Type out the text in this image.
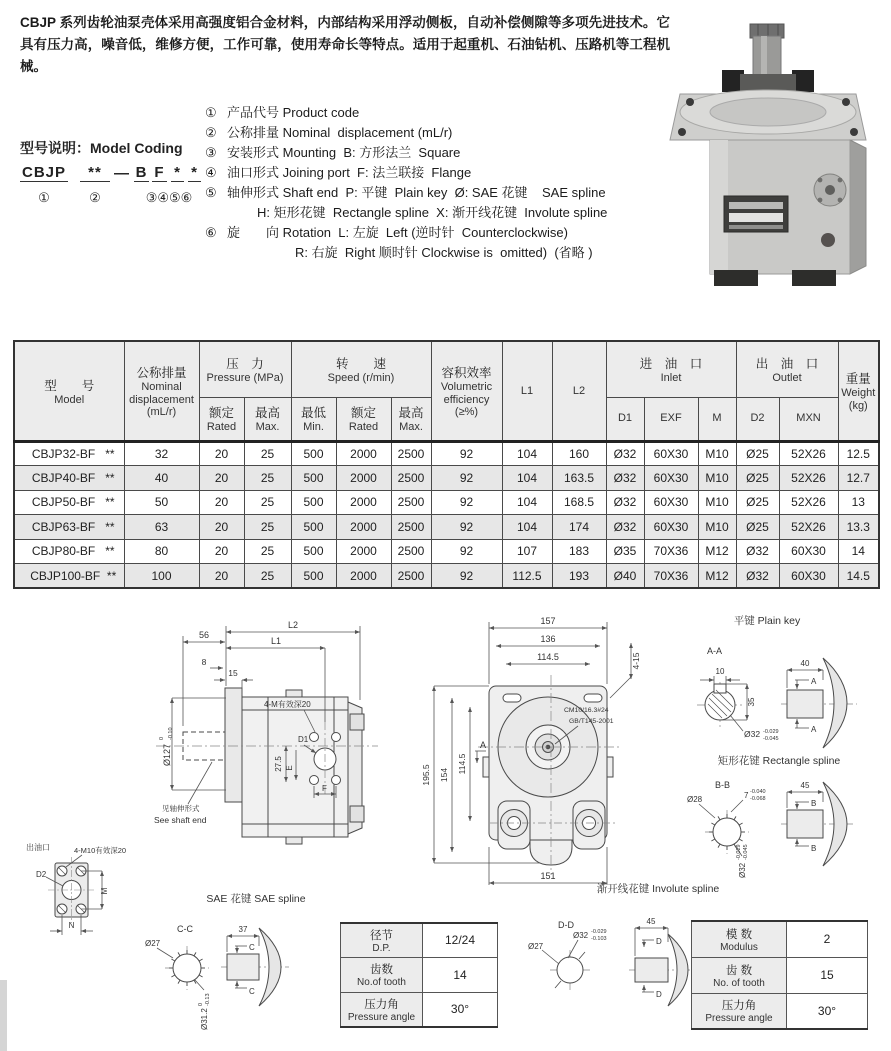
CBJP 系列齿轮油泵壳体采用高强度铝合金材料，内部结构采用浮动侧板，自动补偿侧隙等多项先进技术。它具有压力高，噪音低，维修方便，工作可靠，使用寿命长等特点。适用于起重机、石油钻机、压路机等工程机械。
型号说明：Model Coding
CBJP	** — B F * *
①	②	③④⑤⑥
① 产品代号 Product code
② 公称排量 Nominal  displacement (mL/r)
③ 安装形式 Mounting  B: 方形法兰  Square
④ 油口形式 Joining port  F: 法兰联接  Flange
⑤ 轴伸形式 Shaft end  P: 平键  Plain key  Ø: SAE 花键    SAE spline
H: 矩形花键  Rectangle spline  X: 渐开线花键  Involute spline
⑥ 旋　　向 Rotation  L: 左旋  Left (逆时针  Counterclockwise)
R: 右旋  Right 顺时针 Clockwise is  omitted)  (省略 )
型　　号
Model

公称排量
Nominal
displacement
(mL/r)

压　力
Pressure (MPa)

转　　速
Speed (r/min)	容积效率
Volumetric
efficiency
(≥%)

L1	L2

进　油　口
Inlet

出　油　口
Outlet	重量
Weight
(kg)

额定
Rated

最高
Max.

最低
Min.

额定
Rated

最高
Max.

D1	EXF	M	D2	MXN

CBJP32-BF   **	32	20	25	500	2000	2500	92	104	160	Ø32	60X30	M10	Ø25	52X26	12.5
CBJP40-BF   **	40	20	25	500	2000	2500	92	104	163.5	Ø32	60X30	M10	Ø25	52X26	12.7
CBJP50-BF   **	50	20	25	500	2000	2500	92	104	168.5	Ø32	60X30	M10	Ø25	52X26	13
CBJP63-BF   **	63	20	25	500	2000	2500	92	104	174	Ø32	60X30	M10	Ø25	52X26	13.3
CBJP80-BF   **	80	20	25	500	2000	2500	92	107	183	Ø35	70X36	M12	Ø32	60X30	14
CBJP100-BF  **	100	20	25	500	2000	2500	92	112.5	193	Ø40	70X36	M12	Ø32	60X30	14.5
56
L2
L1
8
15
Ø127
0 -0.10
4-M有效深20
27.5 E
D1
F
见轴伸形式
See shaft end
157
136
114.5	4-15
195.5 154
114.5
A
151
CM10/16.3#24
GB/T145-2001
平键 Plain key
A-A
10
35
Ø32 -0.029
-0.045
40
A
A
矩形花键 Rectangle spline
B-B
Ø28	7 -0.040
-0.068
Ø32
-0.029 -0.045
45
B
B
出油口	4-M10有效深20
D2
M
N
SAE 花键 SAE spline
C-C
Ø27
Ø31.2
0 -0.13
37
C
C
径节
D.P.	12/24

齿数
No.of tooth	14

压力角
Pressure angle	30°
渐开线花键 Involute spline
D-D
Ø32 -0.029
-0.103
Ø27
45
D
D
模 数
Modulus	2

齿 数
No. of tooth	15

压力角
Pressure angle	30°
